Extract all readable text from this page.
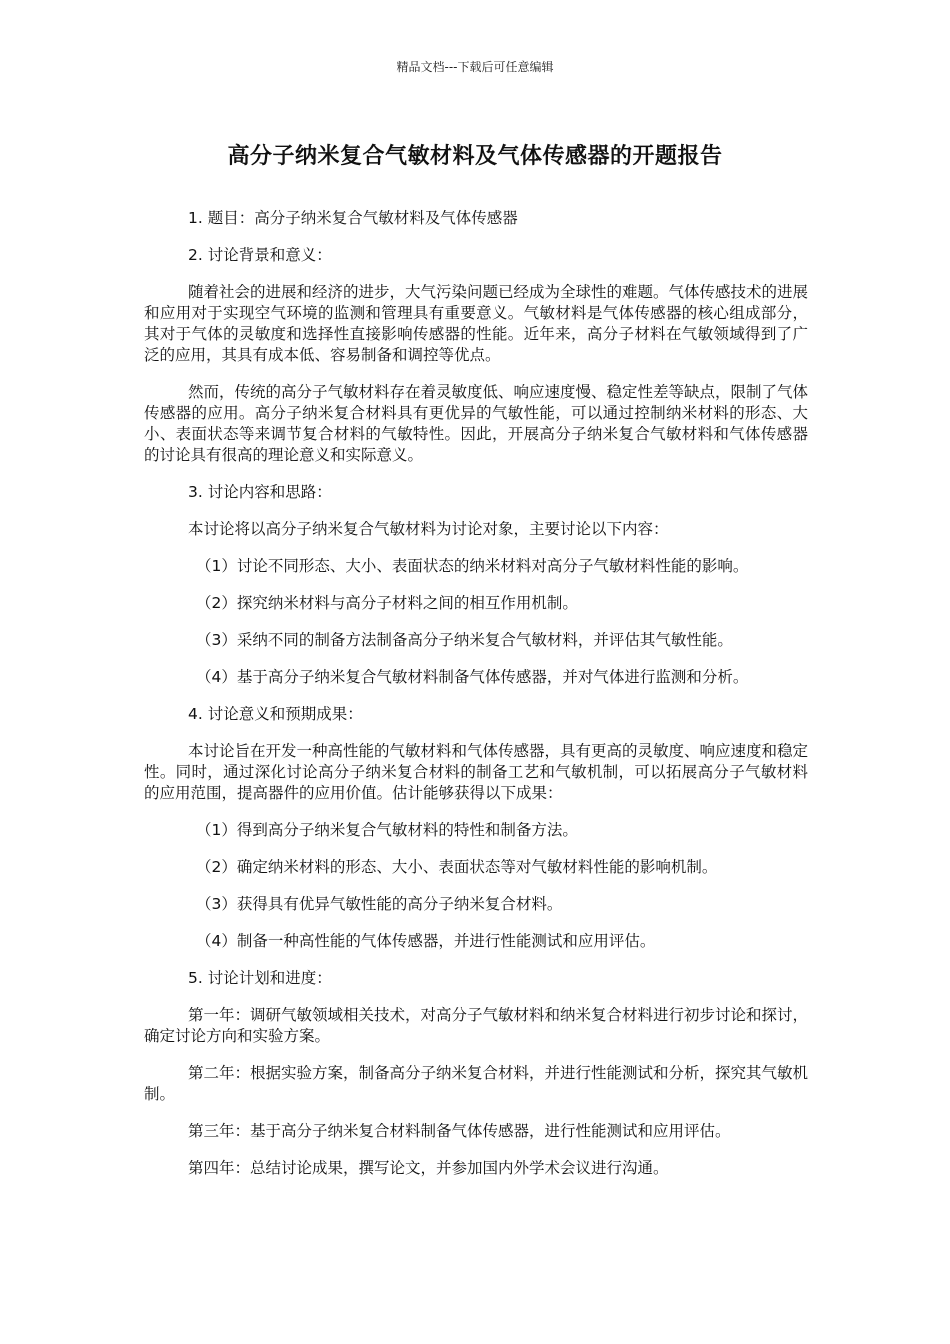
精品文档---下载后可任意编辑
高分子纳米复合气敏材料及气体传感器的开题报告

1. 题目：高分子纳米复合气敏材料及气体传感器

2. 讨论背景和意义：

随着社会的进展和经济的进步，大气污染问题已经成为全球性的难题。气体传感技术的进展和应用对于实现空气环境的监测和管理具有重要意义。气敏材料是气体传感器的核心组成部分，其对于气体的灵敏度和选择性直接影响传感器的性能。近年来，高分子材料在气敏领域得到了广泛的应用，其具有成本低、容易制备和调控等优点。

然而，传统的高分子气敏材料存在着灵敏度低、响应速度慢、稳定性差等缺点，限制了气体传感器的应用。高分子纳米复合材料具有更优异的气敏性能，可以通过控制纳米材料的形态、大小、表面状态等来调节复合材料的气敏特性。因此，开展高分子纳米复合气敏材料和气体传感器的讨论具有很高的理论意义和实际意义。

3. 讨论内容和思路：

本讨论将以高分子纳米复合气敏材料为讨论对象，主要讨论以下内容：

（1）讨论不同形态、大小、表面状态的纳米材料对高分子气敏材料性能的影响。

（2）探究纳米材料与高分子材料之间的相互作用机制。

（3）采纳不同的制备方法制备高分子纳米复合气敏材料，并评估其气敏性能。

（4）基于高分子纳米复合气敏材料制备气体传感器，并对气体进行监测和分析。

4. 讨论意义和预期成果：

本讨论旨在开发一种高性能的气敏材料和气体传感器，具有更高的灵敏度、响应速度和稳定性。同时，通过深化讨论高分子纳米复合材料的制备工艺和气敏机制，可以拓展高分子气敏材料的应用范围，提高器件的应用价值。估计能够获得以下成果：

（1）得到高分子纳米复合气敏材料的特性和制备方法。

（2）确定纳米材料的形态、大小、表面状态等对气敏材料性能的影响机制。

（3）获得具有优异气敏性能的高分子纳米复合材料。

（4）制备一种高性能的气体传感器，并进行性能测试和应用评估。

5. 讨论计划和进度：

第一年：调研气敏领域相关技术，对高分子气敏材料和纳米复合材料进行初步讨论和探讨，确定讨论方向和实验方案。

第二年：根据实验方案，制备高分子纳米复合材料，并进行性能测试和分析，探究其气敏机制。

第三年：基于高分子纳米复合材料制备气体传感器，进行性能测试和应用评估。

第四年：总结讨论成果，撰写论文，并参加国内外学术会议进行沟通。
